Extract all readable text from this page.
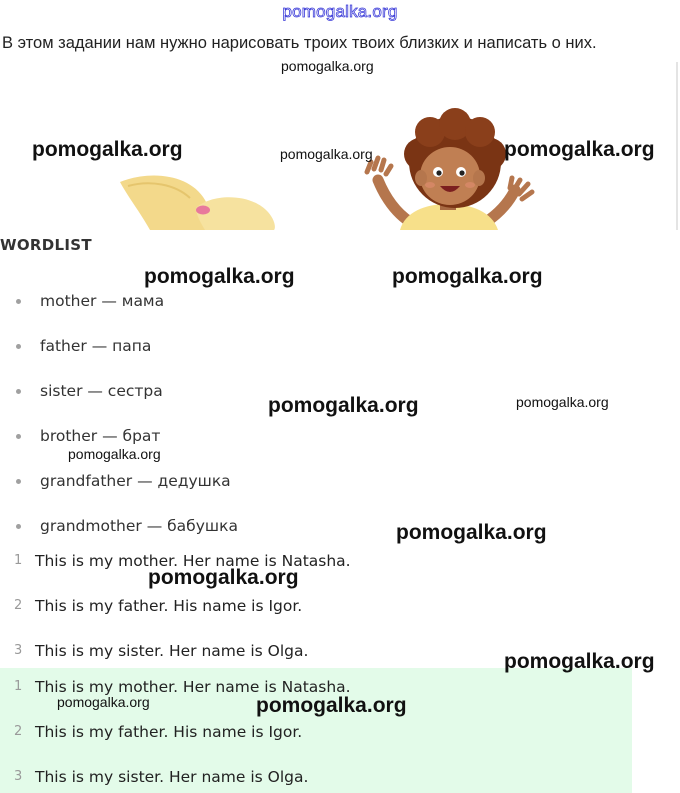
pomogalka.org
В этом задании нам нужно нарисовать троих твоих близких и написать о них.
WORDLIST
mother — мама
father — папа
sister — сестра
brother — брат
grandfather — дедушка
grandmother — бабушка
1 This is my mother. Her name is Natasha.
2 This is my father. His name is Igor.
3 This is my sister. Her name is Olga.
1 This is my mother. Her name is Natasha.
2 This is my father. His name is Igor.
3 This is my sister. Her name is Olga.
pomogalka.org
pomogalka.org	pomogalka.org	pomogalka.org
pomogalka.org	pomogalka.org
pomogalka.org	pomogalka.org
pomogalka.org
pomogalka.org
pomogalka.org
pomogalka.org
pomogalka.org	pomogalka.org
